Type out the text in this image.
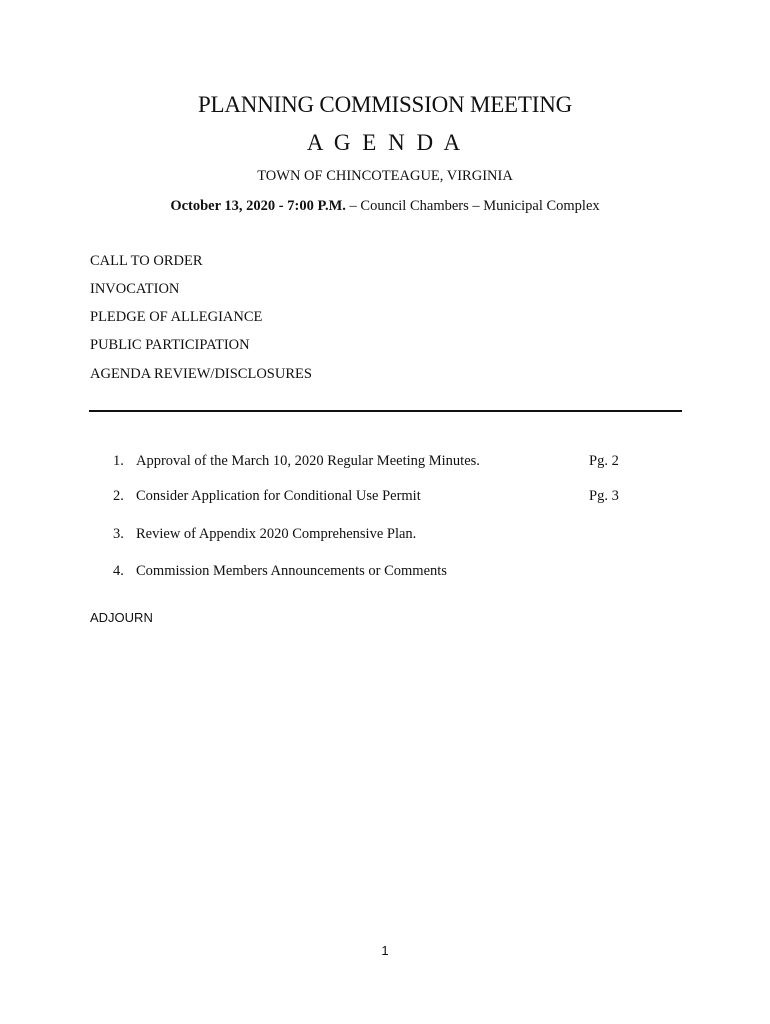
PLANNING COMMISSION MEETING
A G E N D A
TOWN OF CHINCOTEAGUE, VIRGINIA
October 13, 2020 - 7:00 P.M. – Council Chambers – Municipal Complex
CALL TO ORDER
INVOCATION
PLEDGE OF ALLEGIANCE
PUBLIC PARTICIPATION
AGENDA REVIEW/DISCLOSURES
1. Approval of the March 10, 2020 Regular Meeting Minutes.	Pg. 2
2. Consider Application for Conditional Use Permit	Pg. 3
3. Review of Appendix 2020 Comprehensive Plan.
4. Commission Members Announcements or Comments
ADJOURN
1
